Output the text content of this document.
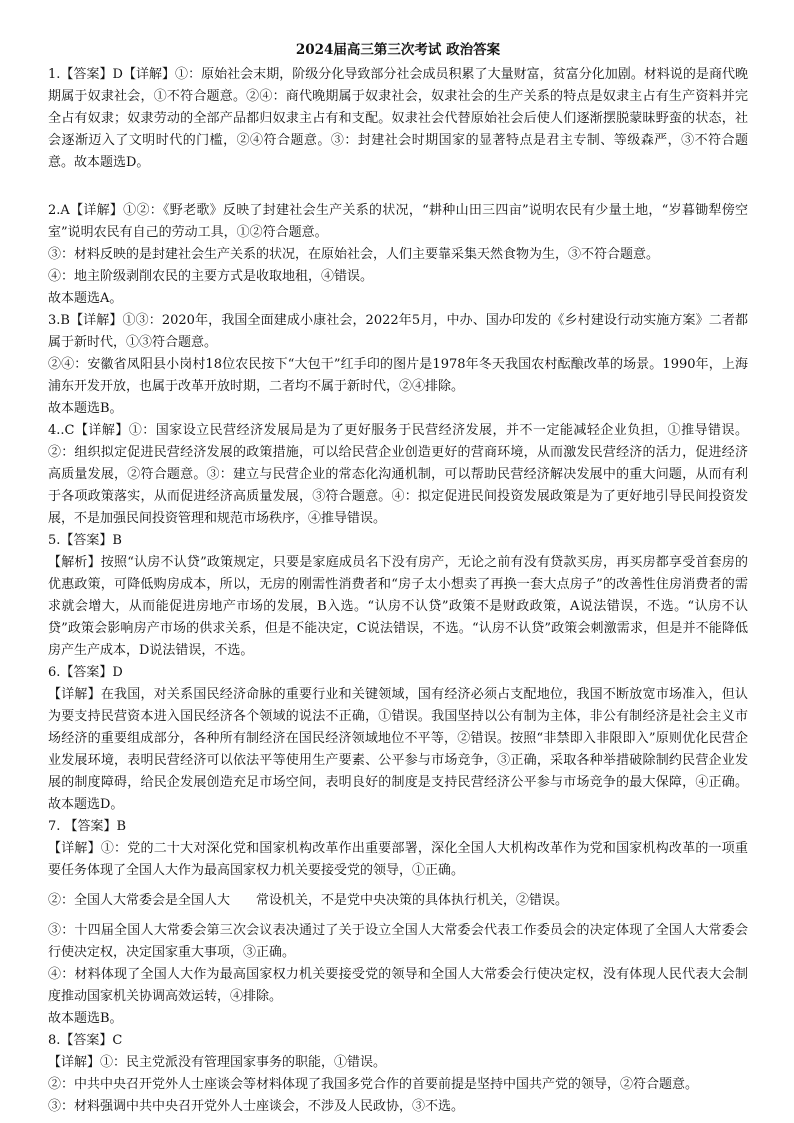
2024届高三第三次考试 政治答案

1.【答案】D【详解】①：原始社会末期，阶级分化导致部分社会成员积累了大量财富，贫富分化加剧。材料说的是商代晚期属于奴隶社会，①不符合题意。②④：商代晚期属于奴隶社会，奴隶社会的生产关系的特点是奴隶主占有生产资料并完全占有奴隶；奴隶劳动的全部产品都归奴隶主占有和支配。奴隶社会代替原始社会后使人们逐渐摆脱蒙昧野蛮的状态，社会逐渐迈入了文明时代的门槛，②④符合题意。③：封建社会时期国家的显著特点是君主专制、等级森严，③不符合题意。故本题选D。

2.A【详解】①②：《野老歌》反映了封建社会生产关系的状况，“耕种山田三四亩”说明农民有少量土地，“岁暮锄犁傍空室”说明农民有自己的劳动工具，①②符合题意。

③：材料反映的是封建社会生产关系的状况，在原始社会，人们主要靠采集天然食物为生，③不符合题意。

④：地主阶级剥削农民的主要方式是收取地租，④错误。

故本题选A。

3.B【详解】①③：2020年，我国全面建成小康社会，2022年5月，中办、国办印发的《乡村建设行动实施方案》二者都属于新时代，①③符合题意。

②④：安徽省凤阳县小岗村18位农民按下“大包干”红手印的图片是1978年冬天我国农村酝酿改革的场景。1990年，上海浦东开发开放，也属于改革开放时期，二者均不属于新时代，②④排除。

故本题选B。

4..C【详解】①：国家设立民营经济发展局是为了更好服务于民营经济发展，并不一定能减轻企业负担，①推导错误。②：组织拟定促进民营经济发展的政策措施，可以给民营企业创造更好的营商环境，从而激发民营经济的活力，促进经济高质量发展，②符合题意。③：建立与民营企业的常态化沟通机制，可以帮助民营经济解决发展中的重大问题，从而有利于各项政策落实，从而促进经济高质量发展，③符合题意。④：拟定促进民间投资发展政策是为了更好地引导民间投资发展，不是加强民间投资管理和规范市场秩序，④推导错误。

5.【答案】B

【解析】按照“认房不认贷”政策规定，只要是家庭成员名下没有房产，无论之前有没有贷款买房，再买房都享受首套房的优惠政策，可降低购房成本，所以，无房的刚需性消费者和“房子太小想卖了再换一套大点房子”的改善性住房消费者的需求就会增大，从而能促进房地产市场的发展，B入选。“认房不认贷”政策不是财政政策，A说法错误，不选。“认房不认贷”政策会影响房产市场的供求关系，但是不能决定，C说法错误，不选。“认房不认贷”政策会刺激需求，但是并不能降低房产生产成本，D说法错误，不选。

6.【答案】D

【详解】在我国，对关系国民经济命脉的重要行业和关键领域，国有经济必须占支配地位，我国不断放宽市场准入，但认为要支持民营资本进入国民经济各个领域的说法不正确，①错误。我国坚持以公有制为主体，非公有制经济是社会主义市场经济的重要组成部分，各种所有制经济在国民经济领域地位不平等，②错误。按照“非禁即入非限即入”原则优化民营企业发展环境，表明民营经济可以依法平等使用生产要素、公平参与市场竞争，③正确，采取各种举措破除制约民营企业发展的制度障碍，给民企发展创造充足市场空间，表明良好的制度是支持民营经济公平参与市场竞争的最大保障，④正确。故本题选D。

7. 【答案】B

【详解】①：党的二十大对深化党和国家机构改革作出重要部署，深化全国人大机构改革作为党和国家机构改革的一项重要任务体现了全国人大作为最高国家权力机关要接受党的领导，①正确。

②：全国人大常委会是全国人大　　常设机关，不是党中央决策的具体执行机关，②错误。

③：十四届全国人大常委会第三次会议表决通过了关于设立全国人大常委会代表工作委员会的决定体现了全国人大常委会行使决定权，决定国家重大事项，③正确。

④：材料体现了全国人大作为最高国家权力机关要接受党的领导和全国人大常委会行使决定权，没有体现人民代表大会制度推动国家机关协调高效运转，④排除。

故本题选B。

8.【答案】C

【详解】①：民主党派没有管理国家事务的职能，①错误。

②：中共中央召开党外人士座谈会等材料体现了我国多党合作的首要前提是坚持中国共产党的领导，②符合题意。

③：材料强调中共中央召开党外人士座谈会，不涉及人民政协，③不选。
